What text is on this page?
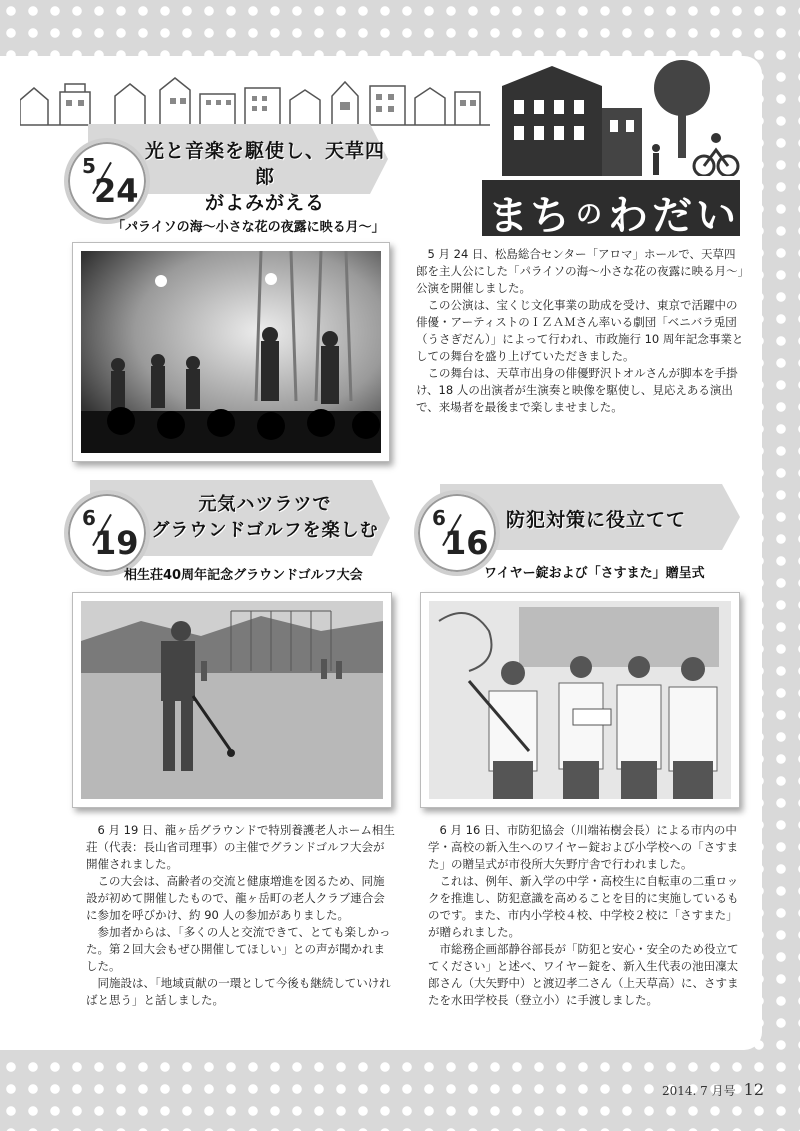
ま ち の わ だ い
5
24
光と音楽を駆使し、天草四郎
がよみがえる
「パライソの海～小さな花の夜露に映る月～」

5 月 24 日、松島総合センター「アロマ」ホールで、天草四郎を主人公にした「パライソの海～小さな花の夜露に映る月～」公演を開催しました。

この公演は、宝くじ文化事業の助成を受け、東京で活躍中の俳優・アーティストのＩＺＡＭさん率いる劇団「ベニバラ兎団（うさぎだん）」によって行われ、市政施行 10 周年記念事業としての舞台を盛り上げていただきました。

この舞台は、天草市出身の俳優野沢トオルさんが脚本を手掛け、18 人の出演者が生演奏と映像を駆使し、見応えある演出で、来場者を最後まで楽しませました。

6
19
元気ハツラツで
グラウンドゴルフを楽しむ
相生荘40周年記念グラウンドゴルフ大会

6 月 19 日、龍ヶ岳グラウンドで特別養護老人ホーム相生荘（代表：長山省司理事）の主催でグランドゴルフ大会が開催されました。

この大会は、高齢者の交流と健康増進を図るため、同施設が初めて開催したもので、龍ヶ岳町の老人クラブ連合会に参加を呼びかけ、約 90 人の参加がありました。

参加者からは、「多くの人と交流できて、とても楽しかった。第２回大会もぜひ開催してほしい」との声が聞かれました。

同施設は、「地域貢献の一環として今後も継続していければと思う」と話しました。

6
16
防犯対策に役立てて
ワイヤー錠および「さすまた」贈呈式

6 月 16 日、市防犯協会（川端祐樹会長）による市内の中学・高校の新入生へのワイヤー錠および小学校への「さすまた」の贈呈式が市役所大矢野庁舎で行われました。

これは、例年、新入学の中学・高校生に自転車の二重ロックを推進し、防犯意識を高めることを目的に実施しているものです。また、市内小学校４校、中学校２校に「さすまた」が贈られました。

市総務企画部静谷部長が「防犯と安心・安全のため役立ててください」と述べ、ワイヤー錠を、新入生代表の池田凜太郎さん（大矢野中）と渡辺孝二さん（上天草高）に、さすまたを水田学校長（登立小）に手渡しました。

2014. 7 月号 12
